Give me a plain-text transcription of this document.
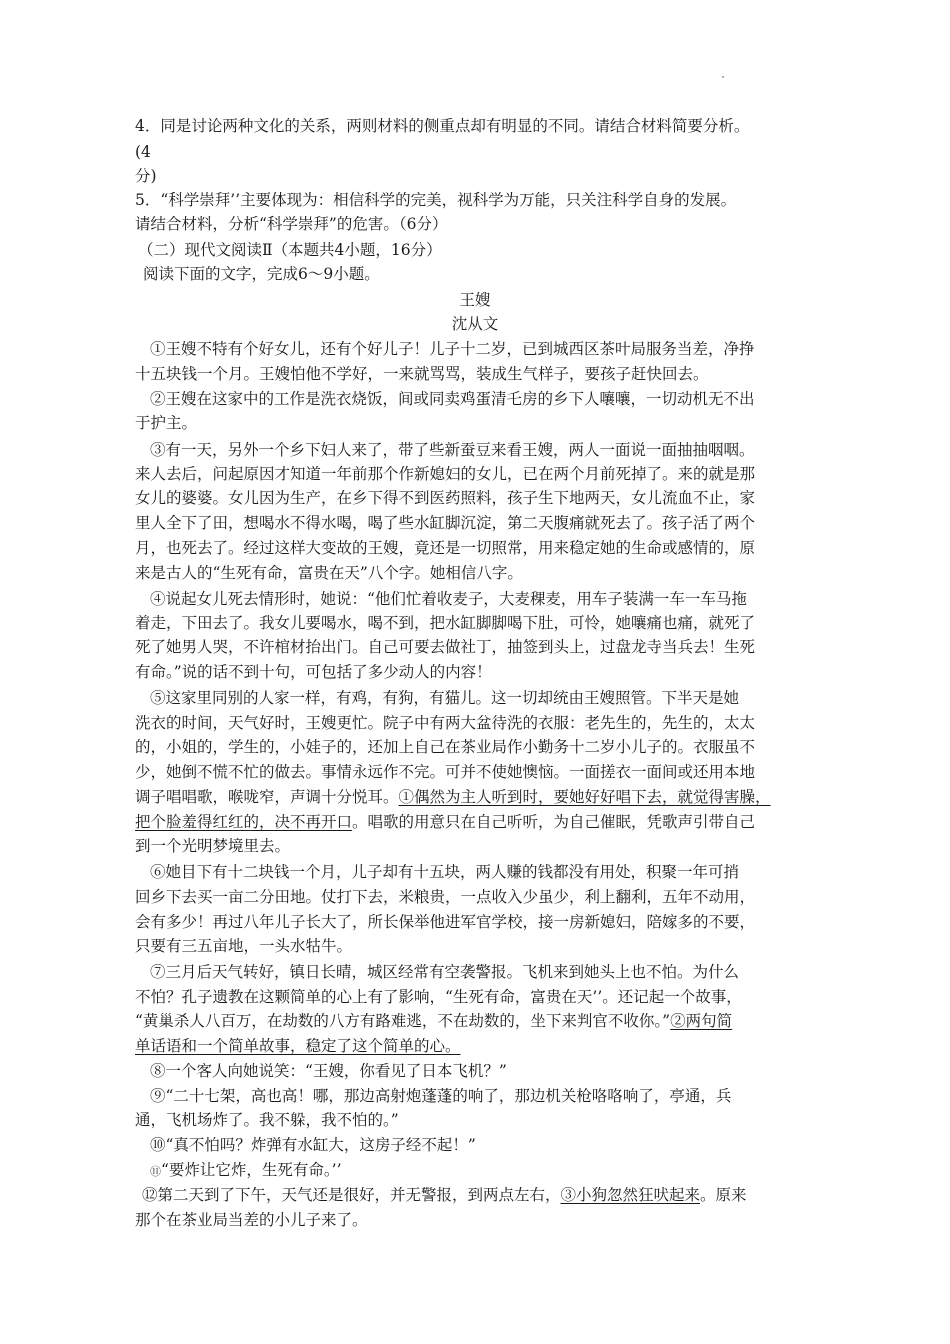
4．同是讨论两种文化的关系，两则材料的侧重点却有明显的不同。请结合材料简要分析。
(4
分)
5．“科学崇拜’’主要体现为：相信科学的完美，视科学为万能，只关注科学自身的发展。
请结合材料，分析“科学崇拜”的危害。（6分）
（二）现代文阅读Ⅱ（本题共4小题，16分）
阅读下面的文字，完成6～9小题。
王嫂
沈从文
①王嫂不特有个好女儿，还有个好儿子！儿子十二岁，已到城西区茶叶局服务当差，净挣
十五块钱一个月。王嫂怕他不学好，一来就骂骂，装成生气样子，要孩子赶快回去。
②王嫂在这家中的工作是洗衣烧饭，间或同卖鸡蛋清乇房的乡下人嚷嚷，一切动机无不出
于护主。
③有一天，另外一个乡下妇人来了，带了些新蚕豆来看王嫂，两人一面说一面抽抽咽咽。
来人去后，问起原因才知道一年前那个作新媳妇的女儿，已在两个月前死掉了。来的就是那
女儿的婆婆。女儿因为生产，在乡下得不到医药照料，孩子生下地两天，女儿流血不止，家
里人全下了田，想喝水不得水喝，喝了些水缸脚沉淀，第二天腹痛就死去了。孩子活了两个
月，也死去了。经过这样大变故的王嫂，竟还是一切照常，用来稳定她的生命或感情的，原
来是古人的“生死有命，富贵在天”八个字。她相信八字。
④说起女儿死去情形时，她说：“他们忙着收麦子，大麦稞麦，用车子装满一车一车马拖
着走，下田去了。我女儿要喝水，喝不到，把水缸脚脚喝下肚，可怜，她嚷痛也痛，就死了
死了她男人哭，不许棺材抬出门。自己可要去做社丁，抽签到头上，过盘龙寺当兵去！生死
有命。”说的话不到十句，可包括了多少动人的内容！
⑤这家里同别的人家一样，有鸡，有狗，有猫儿。这一切却统由王嫂照管。下半天是她
洗衣的时间，天气好时，王嫂更忙。院子中有两大盆待洗的衣服：老先生的，先生的，太太
的，小姐的，学生的，小娃子的，还加上自己在茶业局作小勤务十二岁小儿子的。衣服虽不
少，她倒不慌不忙的做去。事情永远作不完。可并不使她懊恼。一面搓衣一面间或还用本地
调子唱唱歌，喉咙窄，声调十分悦耳。①偶然为主人听到时，要她好好唱下去，就觉得害臊，
把个脸羞得红红的，决不再开口。唱歌的用意只在自己听听，为自己催眠，凭歌声引带自己
到一个光明梦境里去。
⑥她目下有十二块钱一个月，儿子却有十五块，两人赚的钱都没有用处，积聚一年可捎
回乡下去买一亩二分田地。仗打下去，米粮贵，一点收入少虽少，利上翻利，五年不动用，
会有多少！再过八年儿子长大了，所长保举他进军官学校，接一房新媳妇，陪嫁多的不要，
只要有三五亩地，一头水牯牛。
⑦三月后天气转好，镇日长晴，城区经常有空袭警报。飞机来到她头上也不怕。为什么
不怕？孔子遗教在这颗简单的心上有了影响，“生死有命，富贵在天’’。还记起一个故事，
“黄巢杀人八百万，在劫数的八方有路难逃，不在劫数的，坐下来判官不收你。”②两句简
单话语和一个简单故事，稳定了这个简单的心。
⑧一个客人向她说笑：“王嫂，你看见了日本飞机？”
⑨“二十七架，高也高！哪，那边高射炮蓬蓬的响了，那边机关枪咯咯响了，亭通，兵
通，飞机场炸了。我不躲，我不怕的。”
⑩“真不怕吗？炸弹有水缸大，这房子经不起！”
⑪“要炸让它炸，生死有命。’’
⑫第二天到了下午，天气还是很好，并无警报，到两点左右，③小狗忽然狂吠起来。原来
那个在茶业局当差的小儿子来了。
